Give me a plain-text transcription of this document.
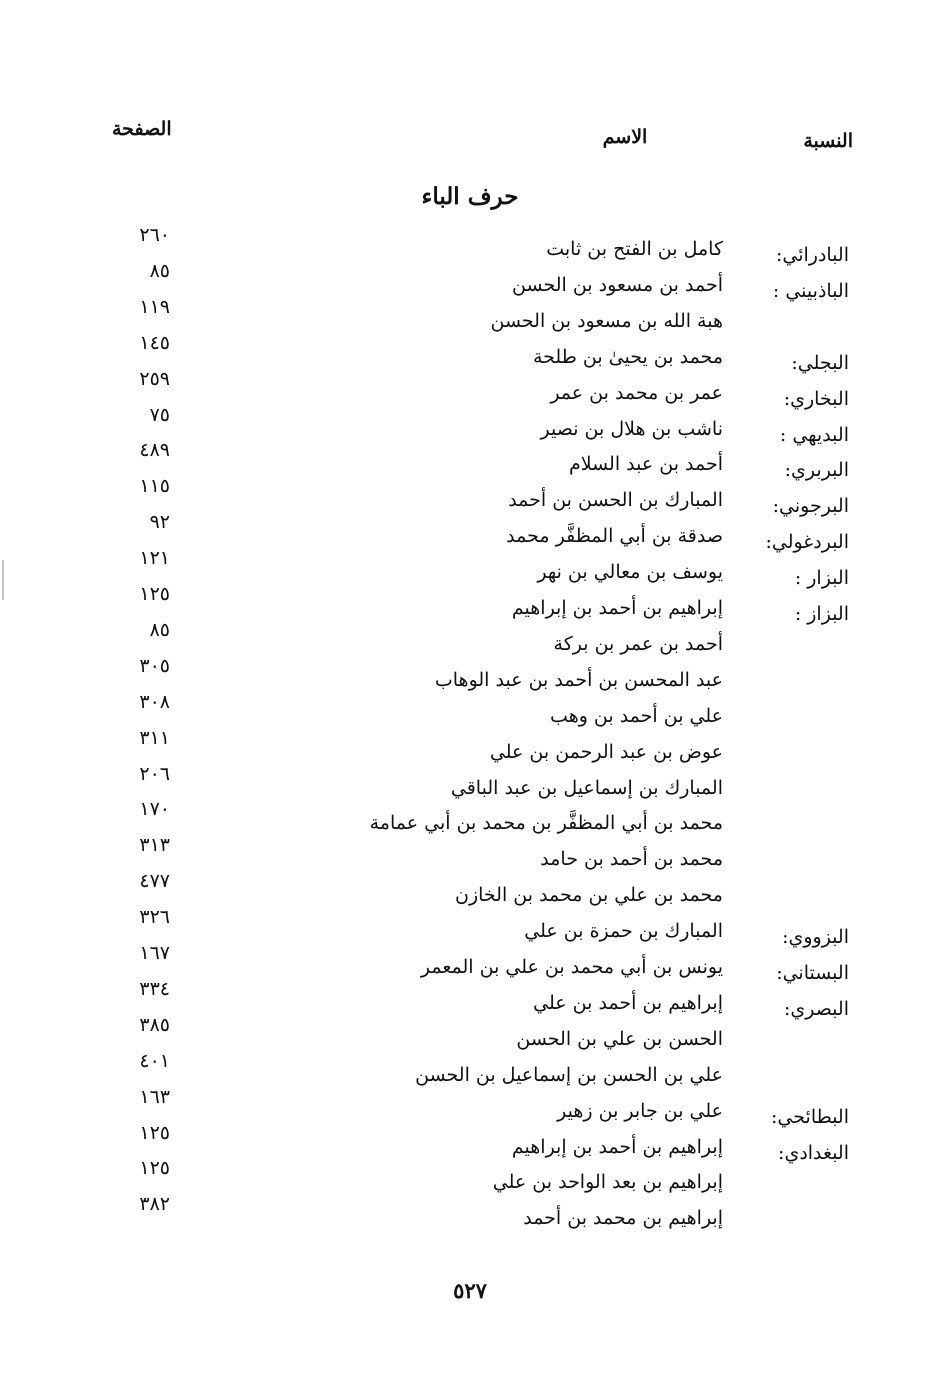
النسبة
الاسم
الصفحة
حرف الباء
البادرائي:
كامل بن الفتح بن ثابت
٢٦٠
الباذبيني :
أحمد بن مسعود بن الحسن
٨٥
هبة الله بن مسعود بن الحسن
١١٩
البجلي:
محمد بن يحيىٰ بن طلحة
١٤٥
البخاري:
عمر بن محمد بن عمر
٢٥٩
البديهي :
ناشب بن هلال بن نصير
٧٥
البربري:
أحمد بن عبد السلام
٤٨٩
البرجوني:
المبارك بن الحسن بن أحمد
١١٥
البردغولي:
صدقة بن أبي المظفَّر محمد
٩٢
البزار :
يوسف بن معالي بن نهر
١٢١
البزاز :
إبراهيم بن أحمد بن إبراهيم
١٢٥
أحمد بن عمر بن بركة
٨٥
عبد المحسن بن أحمد بن عبد الوهاب
٣٠٥
علي بن أحمد بن وهب
٣٠٨
عوض بن عبد الرحمن بن علي
٣١١
المبارك بن إسماعيل بن عبد الباقي
٢٠٦
محمد بن أبي المظفَّر بن محمد بن أبي عمامة
١٧٠
محمد بن أحمد بن حامد
٣١٣
محمد بن علي بن محمد بن الخازن
٤٧٧
البزووي:
المبارك بن حمزة بن علي
٣٢٦
البستاني:
يونس بن أبي محمد بن علي بن المعمر
١٦٧
البصري:
إبراهيم بن أحمد بن علي
٣٣٤
الحسن بن علي بن الحسن
٣٨٥
علي بن الحسن بن إسماعيل بن الحسن
٤٠١
البطائحي:
علي بن جابر بن زهير
١٦٣
البغدادي:
إبراهيم بن أحمد بن إبراهيم
١٢٥
إبراهيم بن بعد الواحد بن علي
١٢٥
إبراهيم بن محمد بن أحمد
٣٨٢
٥٢٧
